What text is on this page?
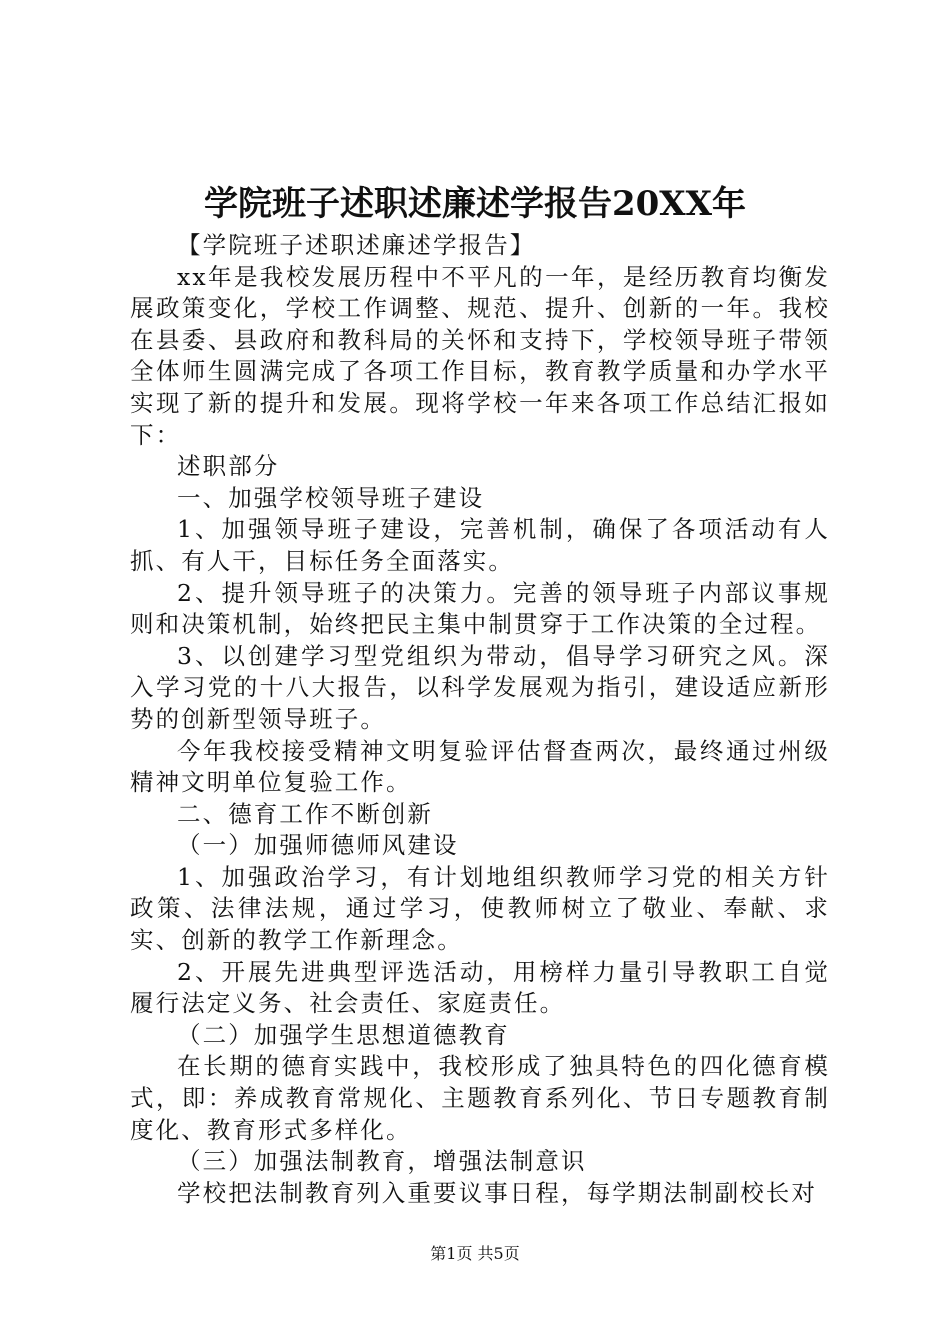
学院班子述职述廉述学报告20XX年

【学院班子述职述廉述学报告】

xx年是我校发展历程中不平凡的一年，是经历教育均衡发展政策变化，学校工作调整、规范、提升、创新的一年。我校在县委、县政府和教科局的关怀和支持下，学校领导班子带领全体师生圆满完成了各项工作目标，教育教学质量和办学水平实现了新的提升和发展。现将学校一年来各项工作总结汇报如下：

述职部分

一、加强学校领导班子建设

1、加强领导班子建设，完善机制，确保了各项活动有人抓、有人干，目标任务全面落实。

2、提升领导班子的决策力。完善的领导班子内部议事规则和决策机制，始终把民主集中制贯穿于工作决策的全过程。

3、以创建学习型党组织为带动，倡导学习研究之风。深入学习党的十八大报告，以科学发展观为指引，建设适应新形势的创新型领导班子。

今年我校接受精神文明复验评估督查两次，最终通过州级精神文明单位复验工作。

二、德育工作不断创新

（一）加强师德师风建设

1、加强政治学习，有计划地组织教师学习党的相关方针政策、法律法规，通过学习，使教师树立了敬业、奉献、求实、创新的教学工作新理念。

2、开展先进典型评选活动，用榜样力量引导教职工自觉履行法定义务、社会责任、家庭责任。

（二）加强学生思想道德教育

在长期的德育实践中，我校形成了独具特色的四化德育模式，即：养成教育常规化、主题教育系列化、节日专题教育制度化、教育形式多样化。

（三）加强法制教育，增强法制意识

学校把法制教育列入重要议事日程，每学期法制副校长对

第1页 共5页
